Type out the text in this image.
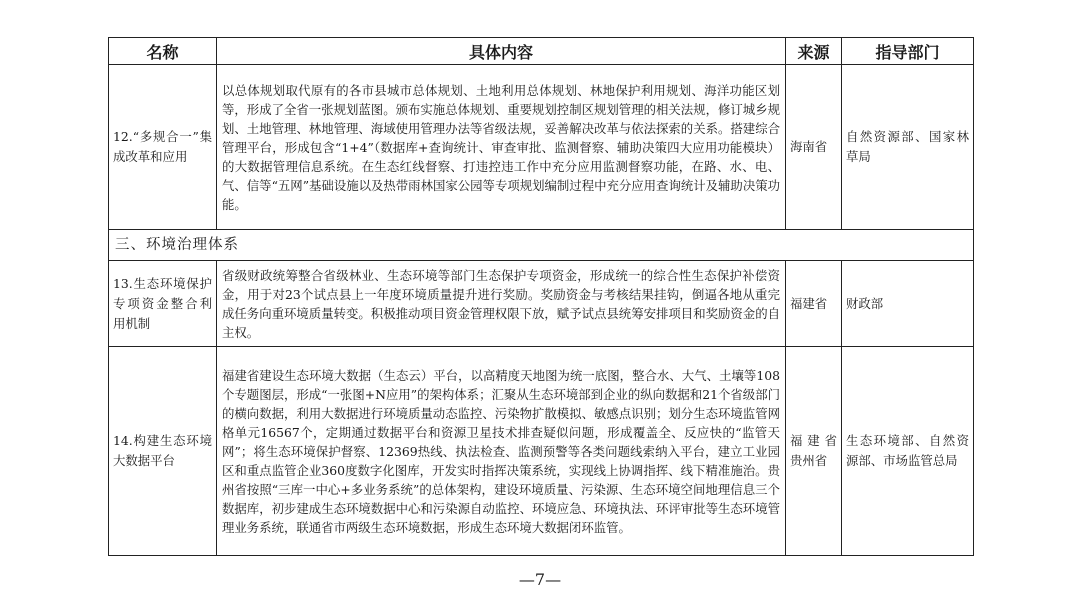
名称	具体内容	来源	指导部门
12.“多规合一”集成改革和应用	以总体规划取代原有的各市县城市总体规划、土地利用总体规划、林地保护利用规划、海洋功能区划等，形成了全省一张规划蓝图。颁布实施总体规划、重要规划控制区规划管理的相关法规，修订城乡规划、土地管理、林地管理、海域使用管理办法等省级法规，妥善解决改革与依法探索的关系。搭建综合管理平台，形成包含“1+4”（数据库+查询统计、审查审批、监测督察、辅助决策四大应用功能模块）的大数据管理信息系统。在生态红线督察、打违控违工作中充分应用监测督察功能，在路、水、电、气、信等“五网”基础设施以及热带雨林国家公园等专项规划编制过程中充分应用查询统计及辅助决策功能。	海南省	自然资源部、国家林草局
三、环境治理体系			
13.生态环境保护专项资金整合利用机制	省级财政统筹整合省级林业、生态环境等部门生态保护专项资金，形成统一的综合性生态保护补偿资金，用于对23个试点县上一年度环境质量提升进行奖励。奖励资金与考核结果挂钩，倒逼各地从重完成任务向重环境质量转变。积极推动项目资金管理权限下放，赋予试点县统筹安排项目和奖励资金的自主权。	福建省	财政部
14.构建生态环境大数据平台	福建省建设生态环境大数据（生态云）平台，以高精度天地图为统一底图，整合水、大气、土壤等108个专题图层，形成“一张图+N应用”的架构体系；汇聚从生态环境部到企业的纵向数据和21个省级部门的横向数据，利用大数据进行环境质量动态监控、污染物扩散模拟、敏感点识别；划分生态环境监管网格单元16567个，定期通过数据平台和资源卫星技术排查疑似问题，形成覆盖全、反应快的“监管天网”；将生态环境保护督察、12369热线、执法检查、监测预警等各类问题线索纳入平台，建立工业园区和重点监管企业360度数字化图库，开发实时指挥决策系统，实现线上协调指挥、线下精准施治。贵州省按照“三库一中心+多业务系统”的总体架构，建设环境质量、污染源、生态环境空间地理信息三个数据库，初步建成生态环境数据中心和污染源自动监控、环境应急、环境执法、环评审批等生态环境管理业务系统，联通省市两级生态环境数据，形成生态环境大数据闭环监管。	福建省贵州省	生态环境部、自然资源部、市场监管总局
—7—
